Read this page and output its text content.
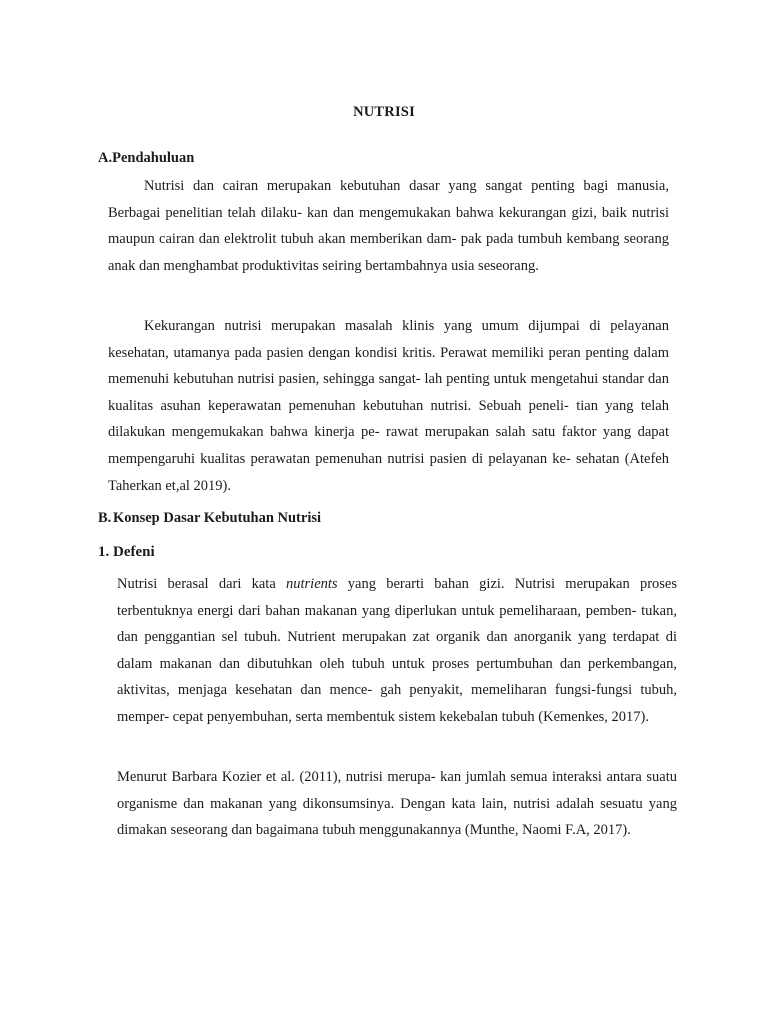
NUTRISI
A.Pendahuluan

Nutrisi dan cairan merupakan kebutuhan dasar yang sangat penting bagi manusia, Berbagai penelitian telah dilaku- kan dan mengemukakan bahwa kekurangan gizi, baik nutrisi maupun cairan dan elektrolit tubuh akan memberikan dam- pak pada tumbuh kembang seorang anak dan menghambat produktivitas seiring bertambahnya usia seseorang.

Kekurangan nutrisi merupakan masalah klinis yang umum dijumpai di pelayanan kesehatan, utamanya pada pasien dengan kondisi kritis. Perawat memiliki peran penting dalam memenuhi kebutuhan nutrisi pasien, sehingga sangat- lah penting untuk mengetahui standar dan kualitas asuhan keperawatan pemenuhan kebutuhan nutrisi. Sebuah peneli- tian yang telah dilakukan mengemukakan bahwa kinerja pe- rawat merupakan salah satu faktor yang dapat mempengaruhi kualitas perawatan pemenuhan nutrisi pasien di pelayanan ke- sehatan (Atefeh Taherkan et,al 2019).

B. Konsep Dasar Kebutuhan Nutrisi
1. Defeni

Nutrisi berasal dari kata nutrients yang berarti bahan gizi. Nutrisi merupakan proses terbentuknya energi dari bahan makanan yang diperlukan untuk pemeliharaan, pemben- tukan, dan penggantian sel tubuh. Nutrient merupakan zat organik dan anorganik yang terdapat di dalam makanan dan dibutuhkan oleh tubuh untuk proses pertumbuhan dan perkembangan, aktivitas, menjaga kesehatan dan mence- gah penyakit, memeliharan fungsi-fungsi tubuh, memper- cepat penyembuhan, serta membentuk sistem kekebalan tubuh (Kemenkes, 2017).

Menurut Barbara Kozier et al. (2011), nutrisi merupa- kan jumlah semua interaksi antara suatu organisme dan makanan yang dikonsumsinya. Dengan kata lain, nutrisi adalah sesuatu yang dimakan seseorang dan bagaimana tubuh menggunakannya (Munthe, Naomi F.A, 2017).
